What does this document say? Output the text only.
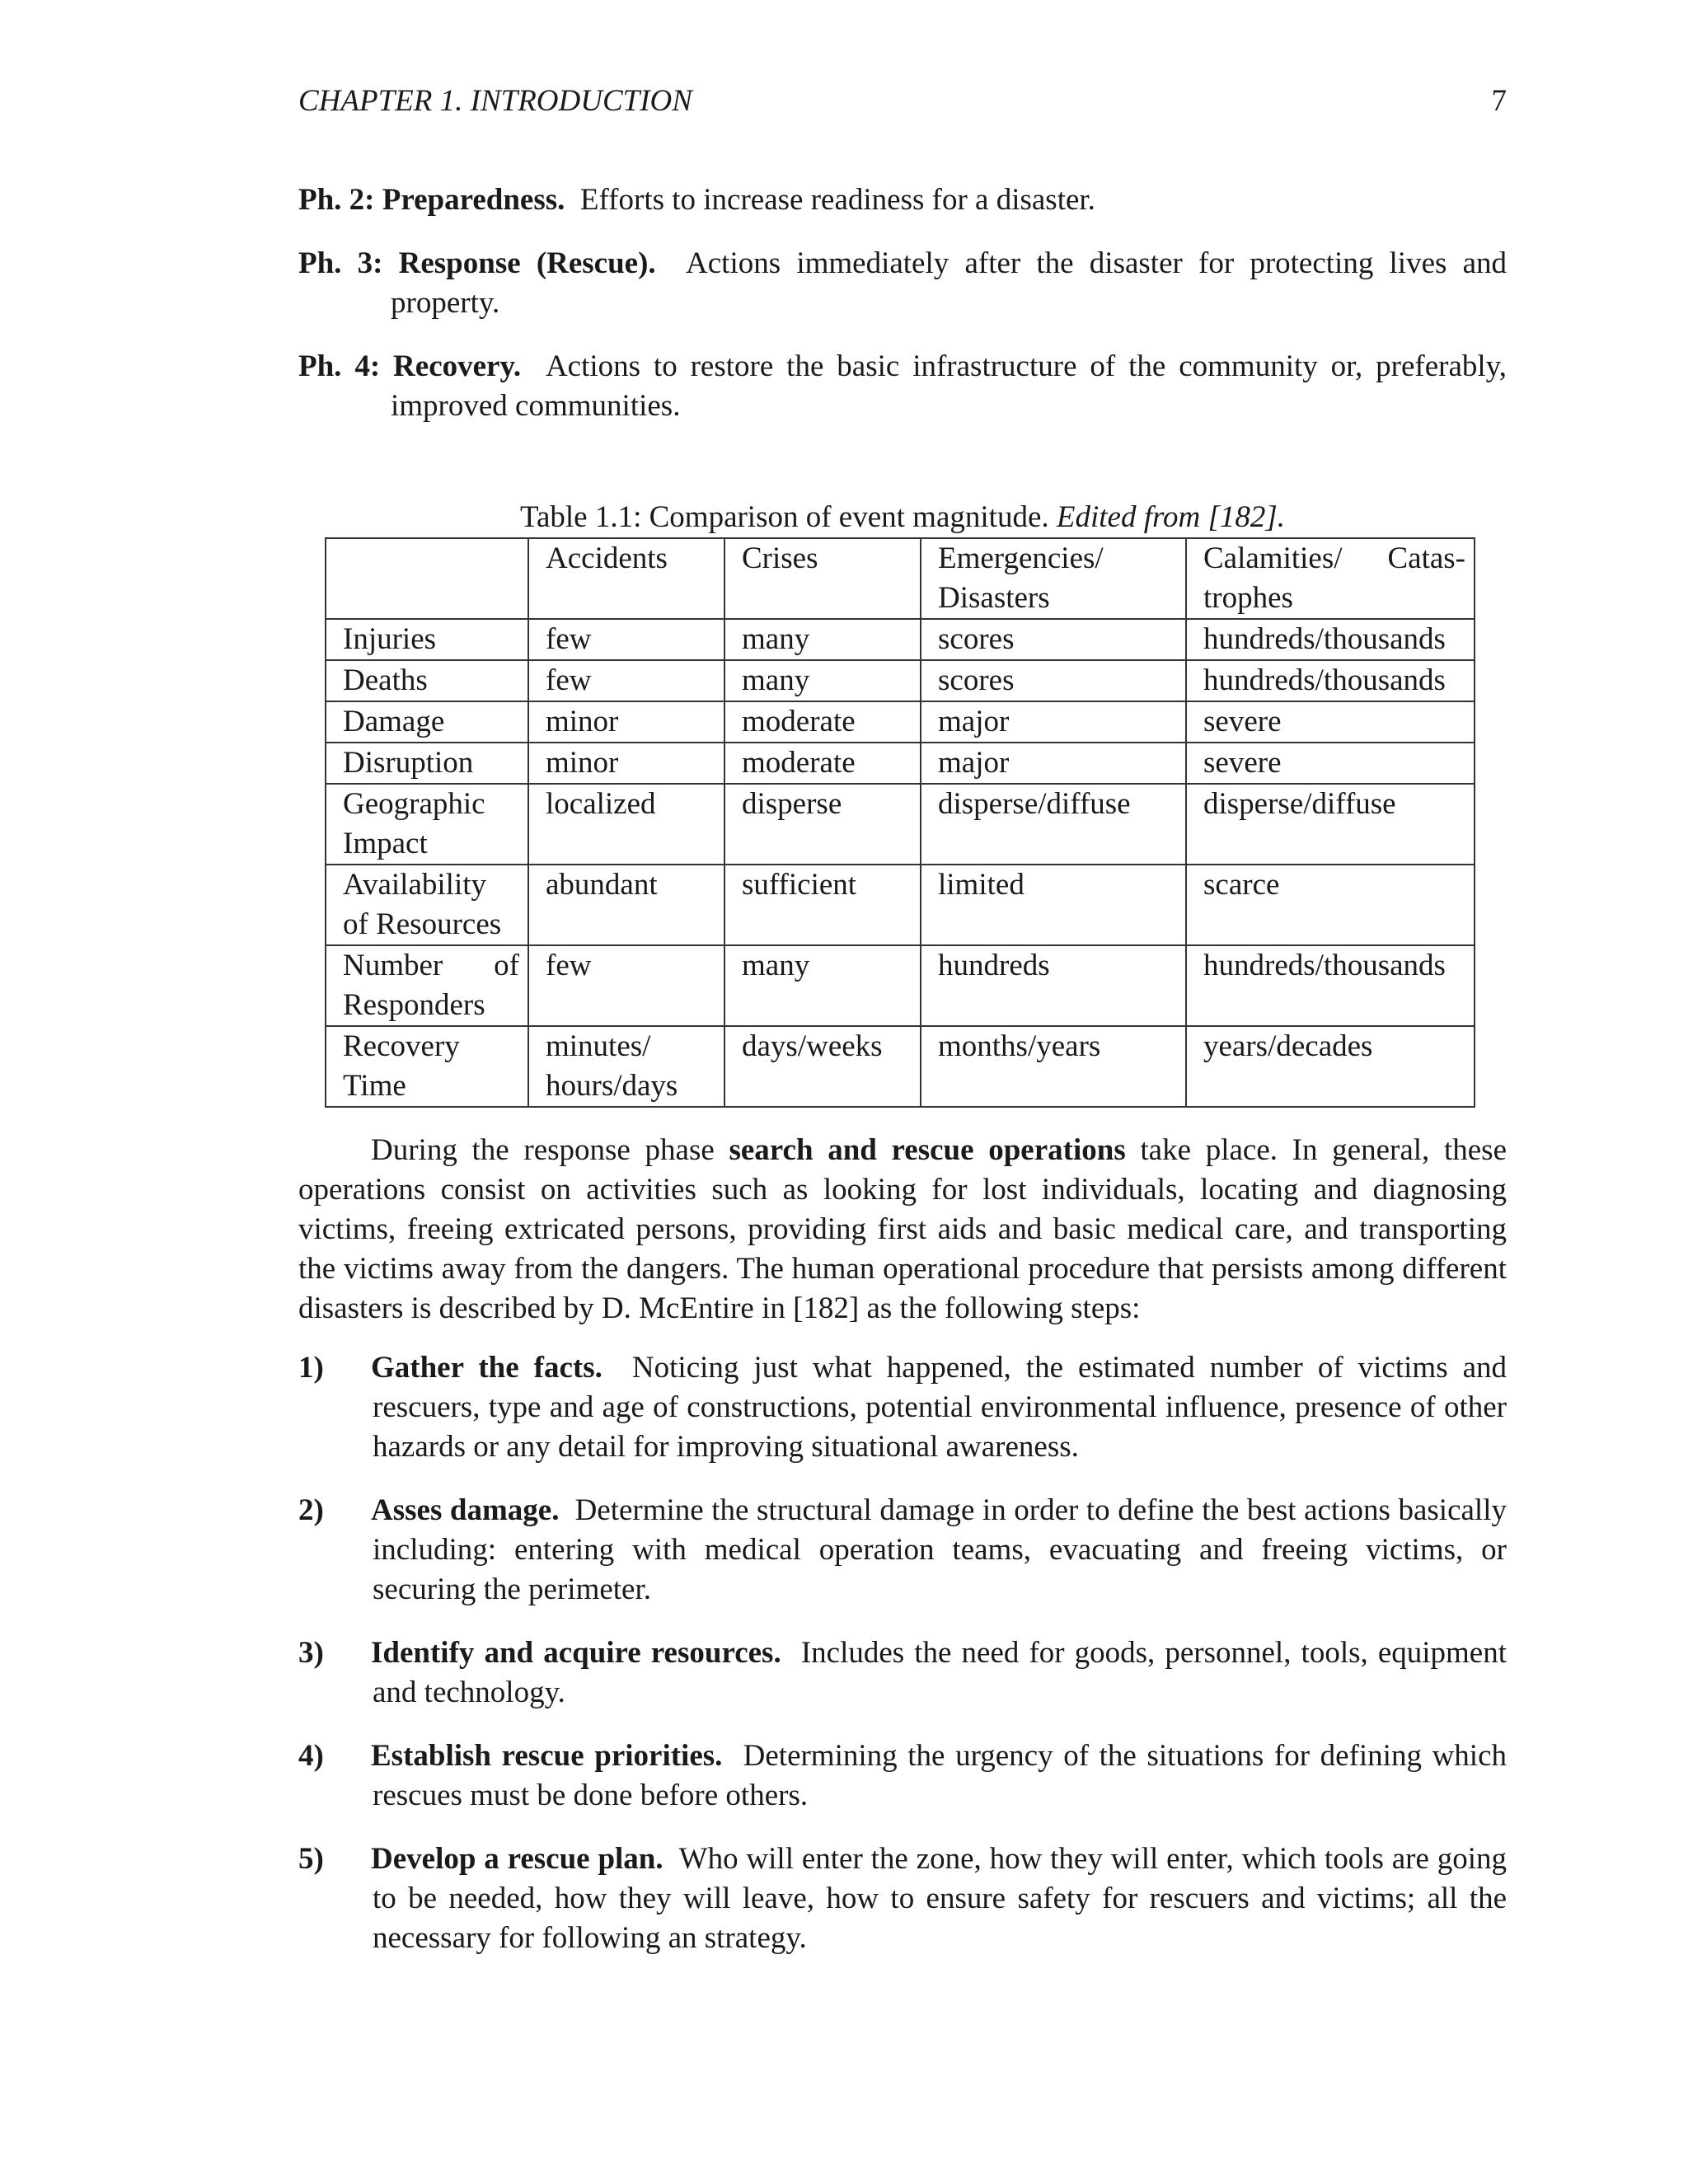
CHAPTER 1. INTRODUCTION	7

Ph. 2: Preparedness. Efforts to increase readiness for a disaster.

Ph. 3: Response (Rescue). Actions immediately after the disaster for protecting lives and property.

Ph. 4: Recovery. Actions to restore the basic infrastructure of the community or, preferably, improved communities.

Table 1.1: Comparison of event magnitude. Edited from [182].
	Accidents	Crises	Emergencies/ Disasters	Calamities/ Catas-trophes
Injuries	few	many	scores	hundreds/thousands
Deaths	few	many	scores	hundreds/thousands
Damage	minor	moderate	major	severe
Disruption	minor	moderate	major	severe
Geographic Impact	localized	disperse	disperse/diffuse	disperse/diffuse
Availability of Resources	abundant	sufficient	limited	scarce
Number of Responders	few	many	hundreds	hundreds/thousands
Recovery Time	minutes/ hours/days	days/weeks	months/years	years/decades

During the response phase search and rescue operations take place. In general, these operations consist on activities such as looking for lost individuals, locating and diagnosing victims, freeing extricated persons, providing first aids and basic medical care, and transporting the victims away from the dangers. The human operational procedure that persists among different disasters is described by D. McEntire in [182] as the following steps:

1)	Gather the facts. Noticing just what happened, the estimated number of victims and rescuers, type and age of constructions, potential environmental influence, presence of other hazards or any detail for improving situational awareness.

2)	Asses damage. Determine the structural damage in order to define the best actions basically including: entering with medical operation teams, evacuating and freeing victims, or securing the perimeter.

3)	Identify and acquire resources. Includes the need for goods, personnel, tools, equipment and technology.

4)	Establish rescue priorities. Determining the urgency of the situations for defining which rescues must be done before others.

5)	Develop a rescue plan. Who will enter the zone, how they will enter, which tools are going to be needed, how they will leave, how to ensure safety for rescuers and victims; all the necessary for following an strategy.
